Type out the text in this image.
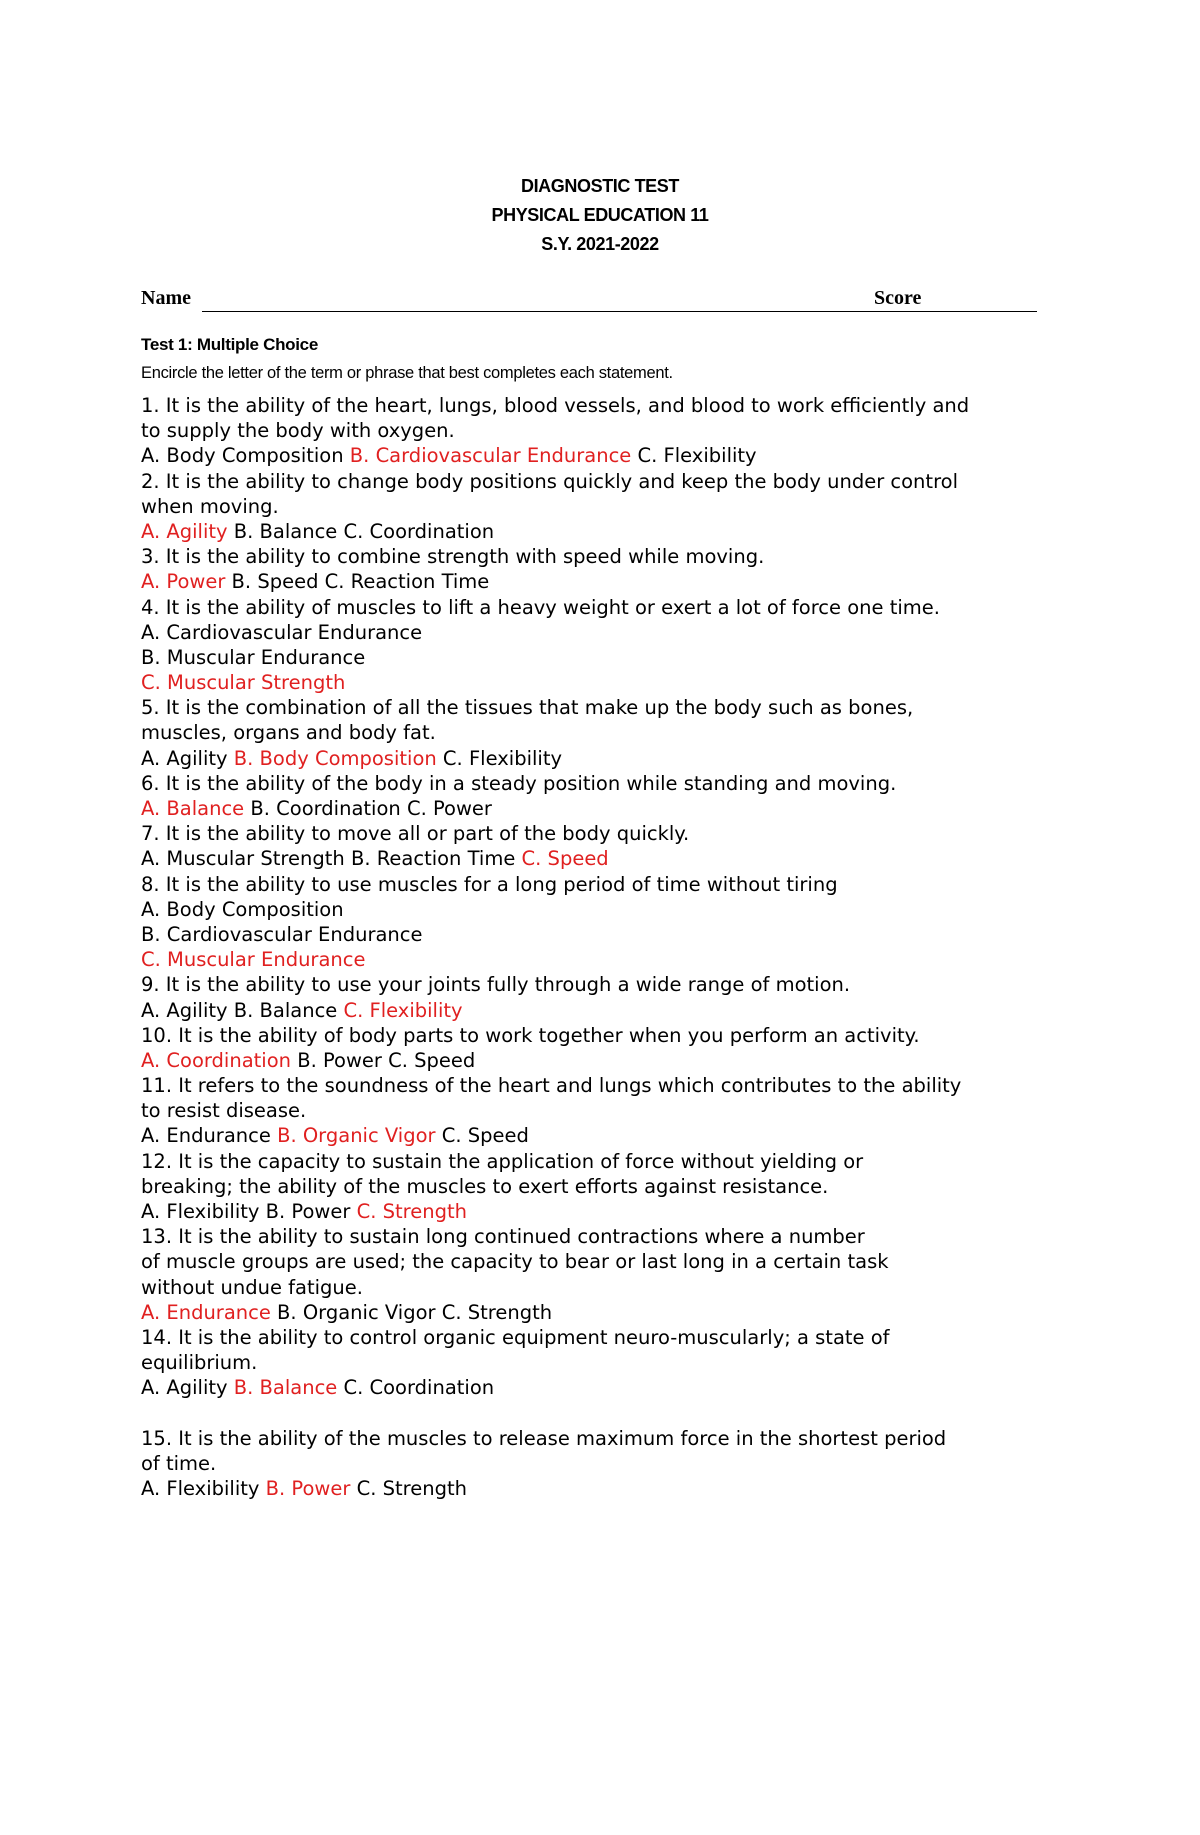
DIAGNOSTIC TEST
PHYSICAL EDUCATION 11
S.Y. 2021-2022
Name	Score
Test 1: Multiple Choice
Encircle the letter of the term or phrase that best completes each statement.
1. It is the ability of the heart, lungs, blood vessels, and blood to work efficiently and
to supply the body with oxygen.
A. Body Composition B. Cardiovascular Endurance C. Flexibility
2. It is the ability to change body positions quickly and keep the body under control
when moving.
A. Agility B. Balance C. Coordination
3. It is the ability to combine strength with speed while moving.
A. Power B. Speed C. Reaction Time
4. It is the ability of muscles to lift a heavy weight or exert a lot of force one time.
A. Cardiovascular Endurance
B. Muscular Endurance
C. Muscular Strength
5. It is the combination of all the tissues that make up the body such as bones,
muscles, organs and body fat.
A. Agility B. Body Composition C. Flexibility
6. It is the ability of the body in a steady position while standing and moving.
A. Balance B. Coordination C. Power
7. It is the ability to move all or part of the body quickly.
A. Muscular Strength B. Reaction Time C. Speed
8. It is the ability to use muscles for a long period of time without tiring
A. Body Composition
B. Cardiovascular Endurance
C. Muscular Endurance
9. It is the ability to use your joints fully through a wide range of motion.
A. Agility B. Balance C. Flexibility
10. It is the ability of body parts to work together when you perform an activity.
A. Coordination B. Power C. Speed
11. It refers to the soundness of the heart and lungs which contributes to the ability
to resist disease.
A. Endurance B. Organic Vigor C. Speed
12. It is the capacity to sustain the application of force without yielding or
breaking; the ability of the muscles to exert efforts against resistance.
A. Flexibility B. Power C. Strength
13. It is the ability to sustain long continued contractions where a number
of muscle groups are used; the capacity to bear or last long in a certain task
without undue fatigue.
A. Endurance B. Organic Vigor C. Strength
14. It is the ability to control organic equipment neuro-muscularly; a state of
equilibrium.
A. Agility B. Balance C. Coordination
15. It is the ability of the muscles to release maximum force in the shortest period
of time.
A. Flexibility B. Power C. Strength
